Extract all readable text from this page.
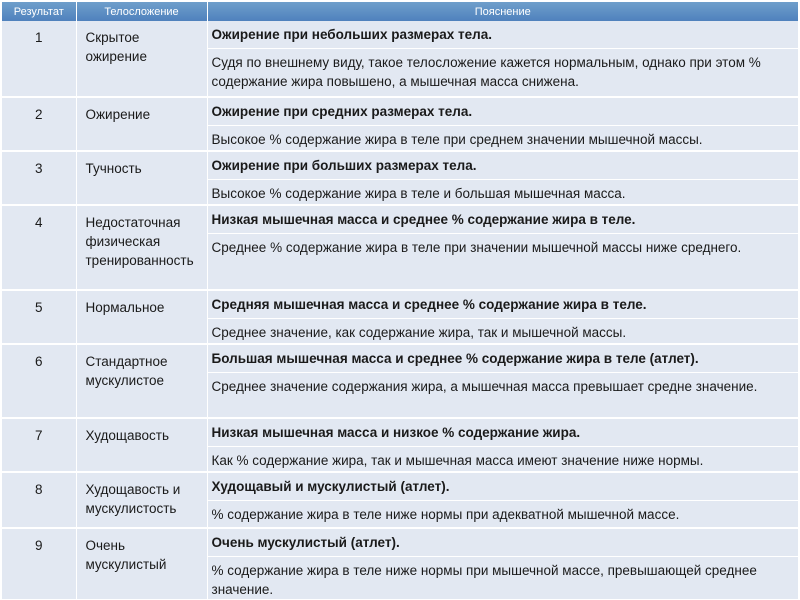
Результат	Телосложение	Пояснение
1	Скрытое ожирение	Ожирение при небольших размерах тела.
Судя по внешнему виду, такое телосложение кажется нормальным, однако при этом % содержание жира повышено, а мышечная масса снижена.

2	Ожирение	Ожирение при средних размерах тела.
Высокое % содержание жира в теле при среднем значении мышечной массы.

3	Тучность	Ожирение при больших размерах тела.
Высокое % содержание жира в теле и большая мышечная масса.

4	Недостаточная физическая тренированность	Низкая мышечная масса и среднее % содержание жира в теле.
Среднее % содержание жира в теле при значении мышечной массы ниже среднего.

5	Нормальное	Средняя мышечная масса и среднее % содержание жира в теле.
Среднее значение, как содержание жира, так и мышечной массы.

6	Стандартное мускулистое	Большая мышечная масса и среднее % содержание жира в теле (атлет).
Среднее значение содержания жира, а мышечная масса превышает средне значение.

7	Худощавость	Низкая мышечная масса и низкое % содержание жира.
Как % содержание жира, так и мышечная масса имеют значение ниже нормы.

8	Худощавость и мускулистость	Худощавый и мускулистый (атлет).
% содержание жира в теле ниже нормы при адекватной мышечной массе.

9	Очень мускулистый	Очень мускулистый (атлет).
% содержание жира в теле ниже нормы при мышечной массе, превышающей среднее значение.
